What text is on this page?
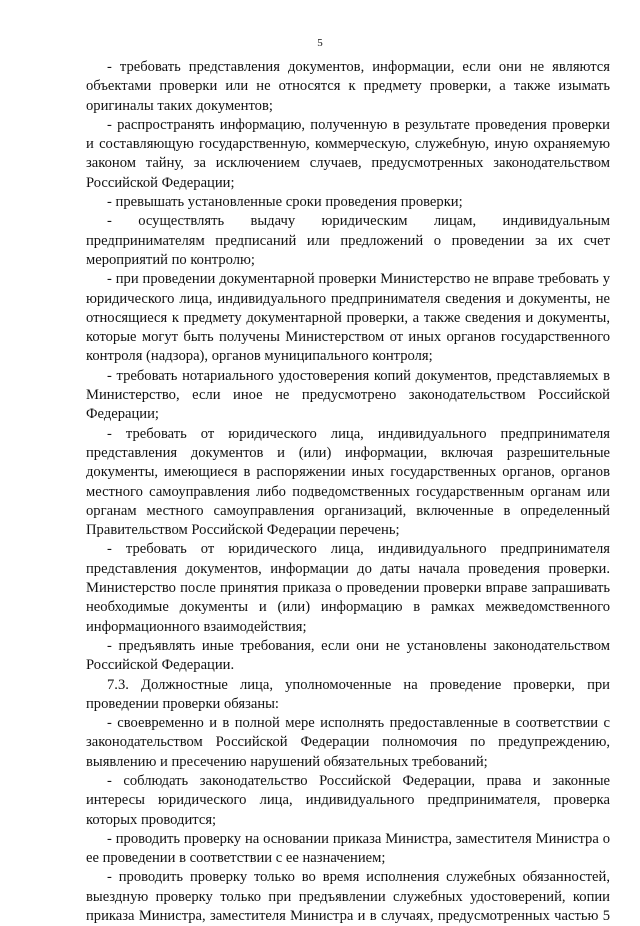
5

- требовать представления документов, информации, если они не являются объектами проверки или не относятся к предмету проверки, а также изымать оригиналы таких документов;

- распространять информацию, полученную в результате проведения проверки и составляющую государственную, коммерческую, служебную, иную охраняемую законом тайну, за исключением случаев, предусмотренных законодательством Российской Федерации;

- превышать установленные сроки проведения проверки;

- осуществлять выдачу юридическим лицам, индивидуальным предпринимателям предписаний или предложений о проведении за их счет мероприятий по контролю;

- при проведении документарной проверки Министерство не вправе требовать у юридического лица, индивидуального предпринимателя сведения и документы, не относящиеся к предмету документарной проверки, а также сведения и документы, которые могут быть получены Министерством от иных органов государственного контроля (надзора), органов муниципального контроля;

- требовать нотариального удостоверения копий документов, представляемых в Министерство, если иное не предусмотрено законодательством Российской Федерации;

- требовать от юридического лица, индивидуального предпринимателя представления документов и (или) информации, включая разрешительные документы, имеющиеся в распоряжении иных государственных органов, органов местного самоуправления либо подведомственных государственным органам или органам местного самоуправления организаций, включенные в определенный Правительством Российской Федерации перечень;

- требовать от юридического лица, индивидуального предпринимателя представления документов, информации до даты начала проведения проверки. Министерство после принятия приказа о проведении проверки вправе запрашивать необходимые документы и (или) информацию в рамках межведомственного информационного взаимодействия;

- предъявлять иные требования, если они не установлены законодательством Российской Федерации.

7.3. Должностные лица, уполномоченные на проведение проверки, при проведении проверки обязаны:

- своевременно и в полной мере исполнять предоставленные в соответствии с законодательством Российской Федерации полномочия по предупреждению, выявлению и пресечению нарушений обязательных требований;

- соблюдать законодательство Российской Федерации, права и законные интересы юридического лица, индивидуального предпринимателя, проверка которых проводится;

- проводить проверку на основании приказа Министра, заместителя Министра о ее проведении в соответствии с ее назначением;

- проводить проверку только во время исполнения служебных обязанностей, выездную проверку только при предъявлении служебных удостоверений, копии приказа Министра, заместителя Министра и в случаях, предусмотренных частью 5
